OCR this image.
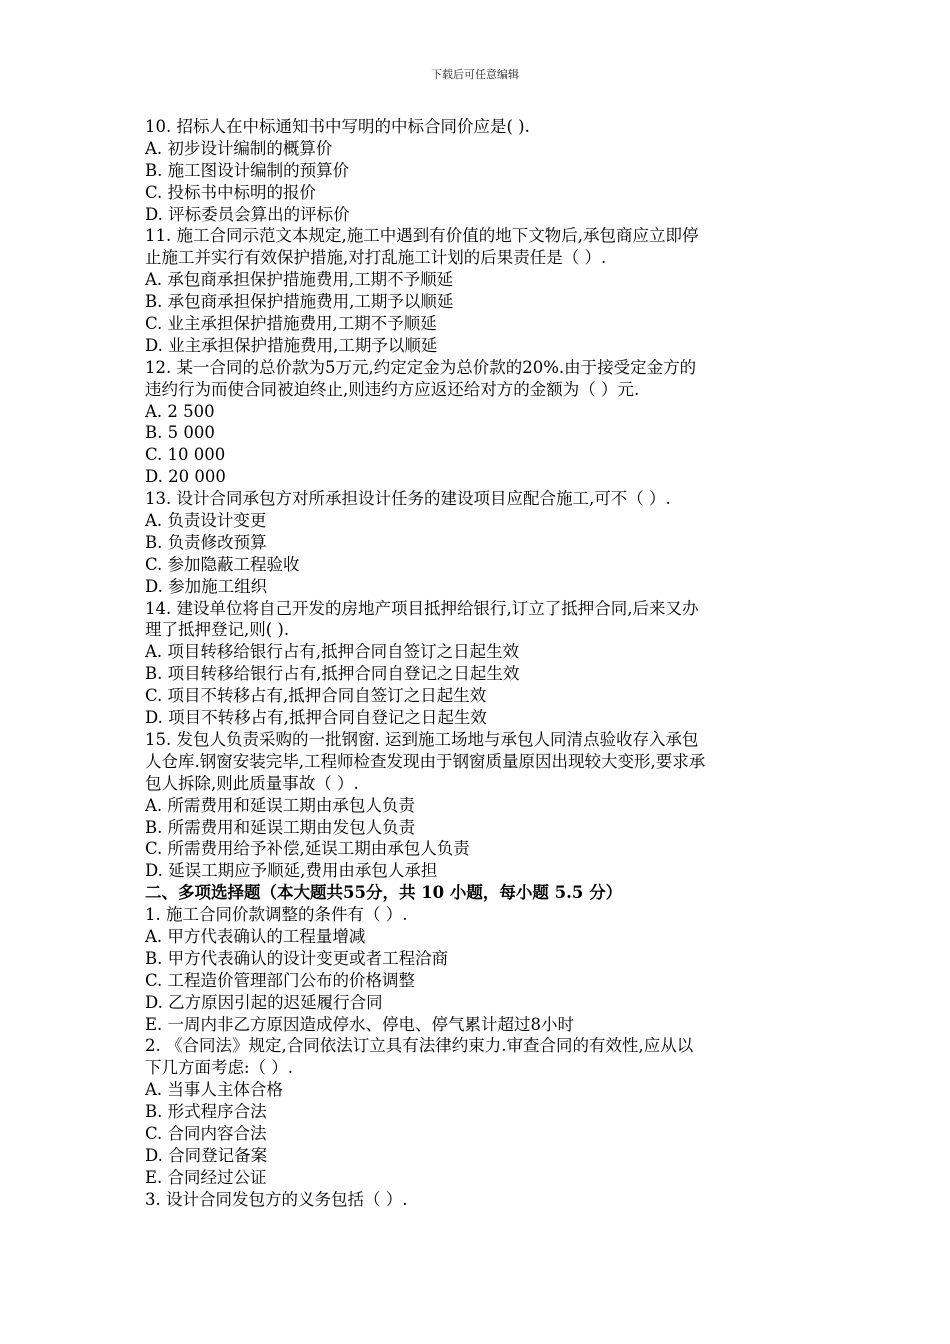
下载后可任意编辑
10. 招标人在中标通知书中写明的中标合同价应是( ).
A. 初步设计编制的概算价
B. 施工图设计编制的预算价
C. 投标书中标明的报价
D. 评标委员会算出的评标价
11. 施工合同示范文本规定,施工中遇到有价值的地下文物后,承包商应立即停
止施工并实行有效保护措施,对打乱施工计划的后果责任是（ ）.
A. 承包商承担保护措施费用,工期不予顺延
B. 承包商承担保护措施费用,工期予以顺延
C. 业主承担保护措施费用,工期不予顺延
D. 业主承担保护措施费用,工期予以顺延
12. 某一合同的总价款为5万元,约定定金为总价款的20%.由于接受定金方的
违约行为而使合同被迫终止,则违约方应返还给对方的金额为（ ）元.
A. 2 500
B. 5 000
C. 10 000
D. 20 000
13. 设计合同承包方对所承担设计任务的建设项目应配合施工,可不（ ）.
A. 负责设计变更
B. 负责修改预算
C. 参加隐蔽工程验收
D. 参加施工组织
14. 建设单位将自己开发的房地产项目抵押给银行,订立了抵押合同,后来又办
理了抵押登记,则( ).
A. 项目转移给银行占有,抵押合同自签订之日起生效
B. 项目转移给银行占有,抵押合同自登记之日起生效
C. 项目不转移占有,抵押合同自签订之日起生效
D. 项目不转移占有,抵押合同自登记之日起生效
15. 发包人负责采购的一批钢窗. 运到施工场地与承包人同清点验收存入承包
人仓库.钢窗安装完毕,工程师检查发现由于钢窗质量原因出现较大变形,要求承
包人拆除,则此质量事故（ ）.
A. 所需费用和延误工期由承包人负责
B. 所需费用和延误工期由发包人负责
C. 所需费用给予补偿,延误工期由承包人负责
D. 延误工期应予顺延,费用由承包人承担
二、多项选择题（本大题共55分，共 10 小题，每小题 5.5 分）
1. 施工合同价款调整的条件有（ ）.
A. 甲方代表确认的工程量增减
B. 甲方代表确认的设计变更或者工程洽商
C. 工程造价管理部门公布的价格调整
D. 乙方原因引起的迟延履行合同
E. 一周内非乙方原因造成停水、停电、停气累计超过8小时
2. 《合同法》规定,合同依法订立具有法律约束力.审查合同的有效性,应从以
下几方面考虑:（ ）.
A. 当事人主体合格
B. 形式程序合法
C. 合同内容合法
D. 合同登记备案
E. 合同经过公证
3. 设计合同发包方的义务包括（ ）.
